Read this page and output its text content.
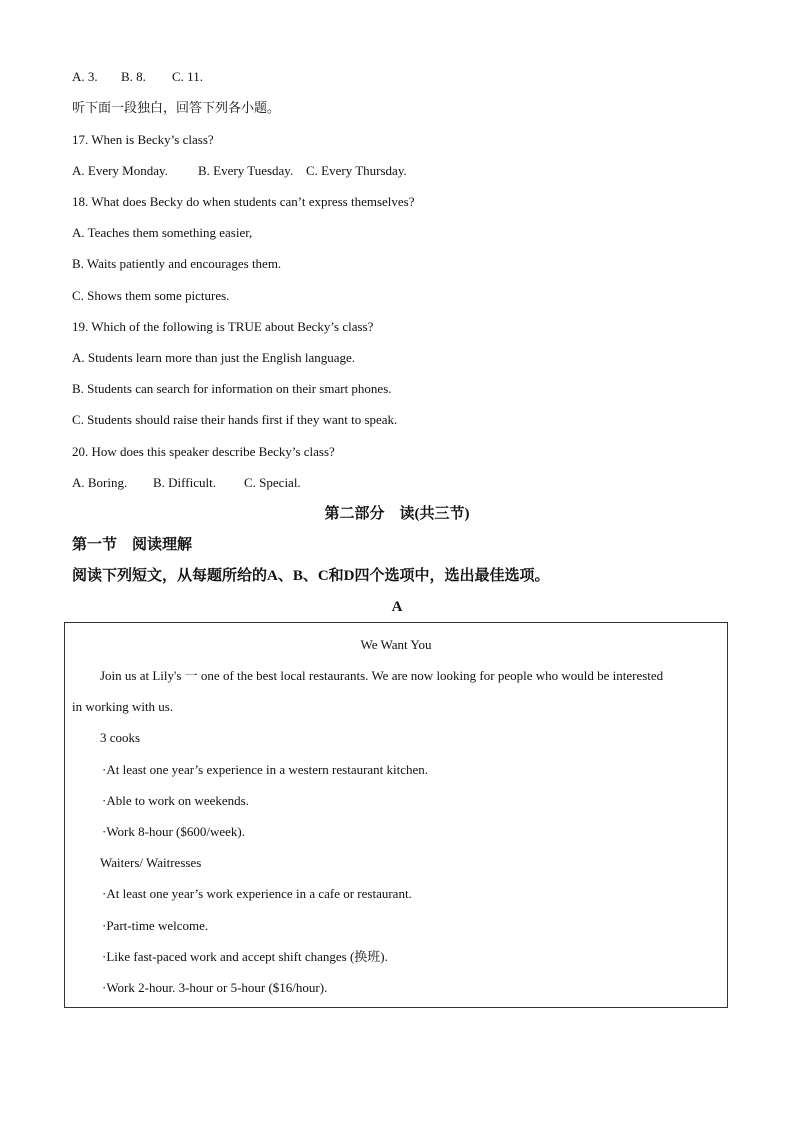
A. 3. B. 8. C. 11.
听下面一段独白，回答下列各小题。
17. When is Becky’s class?
A. Every Monday. B. Every Tuesday. C. Every Thursday.
18. What does Becky do when students can’t express themselves?
A. Teaches them something easier,
B. Waits patiently and encourages them.
C. Shows them some pictures.
19. Which of the following is TRUE about Becky’s class?
A. Students learn more than just the English language.
B. Students can search for information on their smart phones.
C. Students should raise their hands first if they want to speak.
20. How does this speaker describe Becky’s class?
A. Boring. B. Difficult. C. Special.
第二部分　读(共三节)
第一节　阅读理解
阅读下列短文，从每题所给的A、B、C和D四个选项中，选出最佳选项。
A
We Want You
Join us at Lily's 一 one of the best local restaurants. We are now looking for people who would be interested
in working with us.
3 cooks
·At least one year’s experience in a western restaurant kitchen.
·Able to work on weekends.
·Work 8-hour ($600/week).
Waiters/ Waitresses
·At least one year’s work experience in a cafe or restaurant.
·Part-time welcome.
·Like fast-paced work and accept shift changes (换班).
·Work 2-hour. 3-hour or 5-hour ($16/hour).
